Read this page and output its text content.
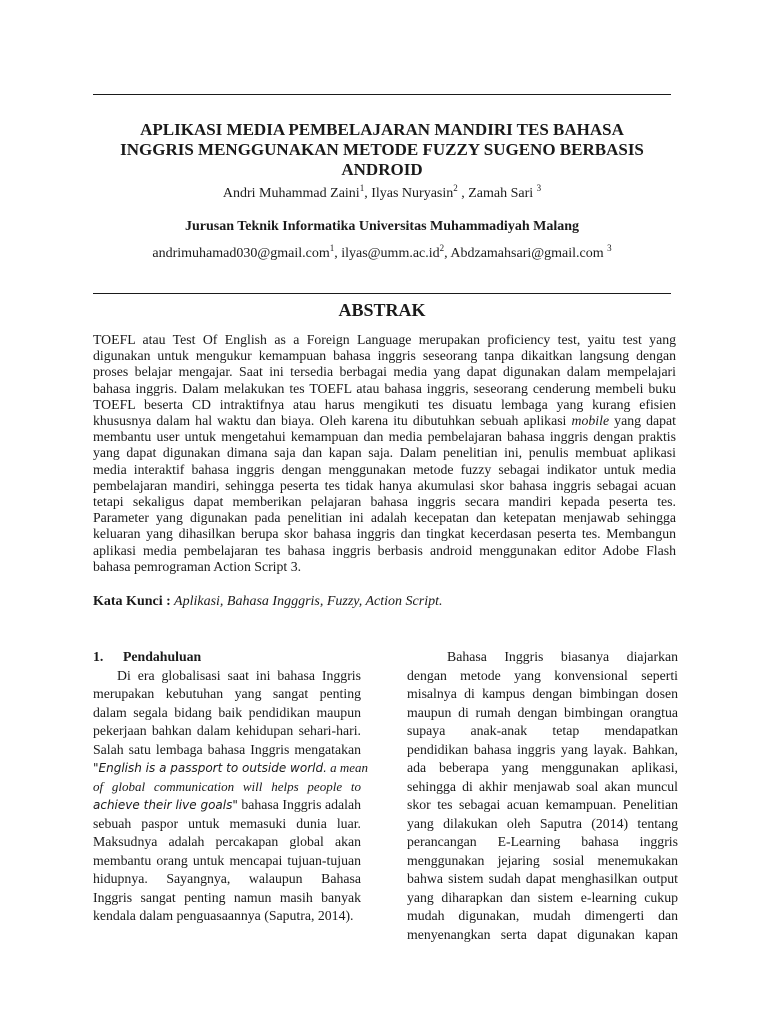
APLIKASI MEDIA PEMBELAJARAN MANDIRI TES BAHASA
INGGRIS MENGGUNAKAN METODE FUZZY SUGENO BERBASIS
ANDROID
Andri Muhammad Zaini$^1$, Ilyas Nuryasin$^2$ , Zamah Sari $^3$
Jurusan Teknik Informatika Universitas Muhammadiyah Malang
andrimuhamad030@gmail.com$^1$, $ilyas@umm.ac.id^2$, Abdzamahsari@gmail.com $^3$
ABSTRAK
TOEFL atau Test Of English as a Foreign Language merupakan proficiency test, yaitu test yang
digunakan untuk mengukur kemampuan bahasa inggris seseorang tanpa dikaitkan langsung dengan
proses belajar mengajar. Saat ini tersedia berbagai media yang dapat digunakan dalam mempelajari
bahasa inggris. Dalam melakukan tes TOEFL atau bahasa inggris, seseorang cenderung membeli buku
TOEFL beserta CD intraktifnya atau harus mengikuti tes disuatu lembaga yang kurang efisien
khususnya dalam hal waktu dan biaya. Oleh karena itu dibutuhkan sebuah aplikasi mobile yang dapat
membantu user untuk mengetahui kemampuan dan media pembelajaran bahasa inggris dengan praktis
yang dapat digunakan dimana saja dan kapan saja. Dalam penelitian ini, penulis membuat aplikasi
media interaktif bahasa inggris dengan menggunakan metode fuzzy sebagai indikator untuk media
pembelajaran mandiri, sehingga peserta tes tidak hanya akumulasi skor bahasa inggris sebagai acuan
tetapi sekaligus dapat memberikan pelajaran bahasa inggris secara mandiri kepada peserta tes.
Parameter yang digunakan pada penelitian ini adalah kecepatan dan ketepatan menjawab sehingga
keluaran yang dihasilkan berupa skor bahasa inggris dan tingkat kecerdasan peserta tes. Membangun
aplikasi media pembelajaran tes bahasa inggris berbasis android menggunakan editor Adobe Flash
bahasa pemrograman Action Script 3.
Kata Kunci : Aplikasi, Bahasa Ingggris, Fuzzy, Action Script.
1. Pendahuluan
Di era globalisasi saat ini bahasa Inggris
merupakan kebutuhan yang sangat penting
dalam segala bidang baik pendidikan maupun
pekerjaan bahkan dalam kehidupan sehari-hari.
Salah satu lembaga bahasa Inggris mengatakan
"English is a passport to outside world. a mean
of global communication will helps people to
achieve their live goals" bahasa Inggris adalah
sebuah paspor untuk memasuki dunia luar.
Maksudnya adalah percakapan global akan
membantu orang untuk mencapai tujuan-tujuan
hidupnya. Sayangnya, walaupun Bahasa
Inggris sangat penting namun masih banyak
kendala dalam penguasaannya (Saputra, 2014).
Bahasa Inggris biasanya diajarkan
dengan metode yang konvensional seperti
misalnya di kampus dengan bimbingan dosen
maupun di rumah dengan bimbingan orangtua
supaya anak-anak tetap mendapatkan
pendidikan bahasa inggris yang layak. Bahkan,
ada beberapa yang menggunakan aplikasi,
sehingga di akhir menjawab soal akan muncul
skor tes sebagai acuan kemampuan. Penelitian
yang dilakukan oleh Saputra (2014) tentang
perancangan E-Learning bahasa inggris
menggunakan jejaring sosial menemukakan
bahwa sistem sudah dapat menghasilkan output
yang diharapkan dan sistem e-learning cukup
mudah digunakan, mudah dimengerti dan
menyenangkan serta dapat digunakan kapan
